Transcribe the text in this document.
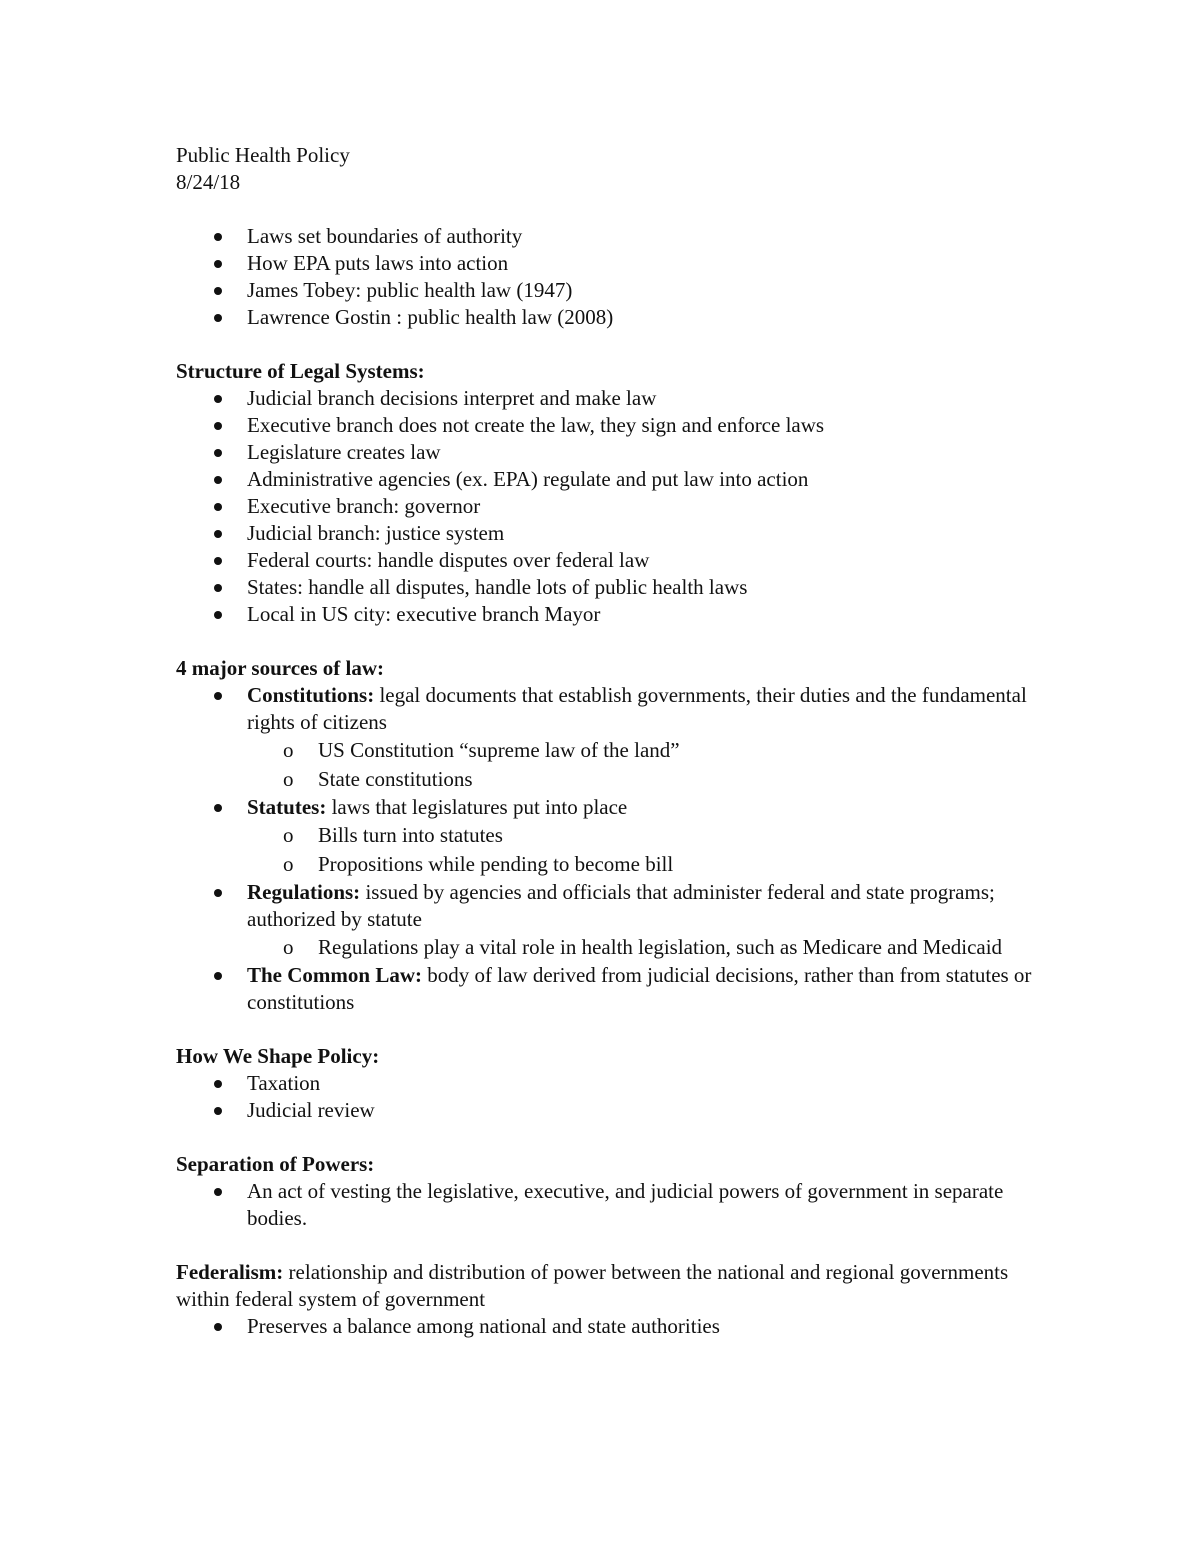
Public Health Policy

8/24/18

Laws set boundaries of authority
How EPA puts laws into action
James Tobey: public health law (1947)
Lawrence Gostin : public health law (2008)

Structure of Legal Systems:

Judicial branch decisions interpret and make law
Executive branch does not create the law, they sign and enforce laws
Legislature creates law
Administrative agencies (ex. EPA) regulate and put law into action
Executive branch: governor
Judicial branch: justice system
Federal courts: handle disputes over federal law
States: handle all disputes, handle lots of public health laws
Local in US city: executive branch Mayor

4 major sources of law:

Constitutions: legal documents that establish governments, their duties and the fundamental rights of citizens
o US Constitution “supreme law of the land”
o State constitutions
Statutes: laws that legislatures put into place
o Bills turn into statutes
o Propositions while pending to become bill
Regulations: issued by agencies and officials that administer federal and state programs; authorized by statute
o Regulations play a vital role in health legislation, such as Medicare and Medicaid
The Common Law: body of law derived from judicial decisions, rather than from statutes or constitutions

How We Shape Policy:

Taxation
Judicial review

Separation of Powers:

An act of vesting the legislative, executive, and judicial powers of government in separate bodies.

Federalism: relationship and distribution of power between the national and regional governments within federal system of government

Preserves a balance among national and state authorities
